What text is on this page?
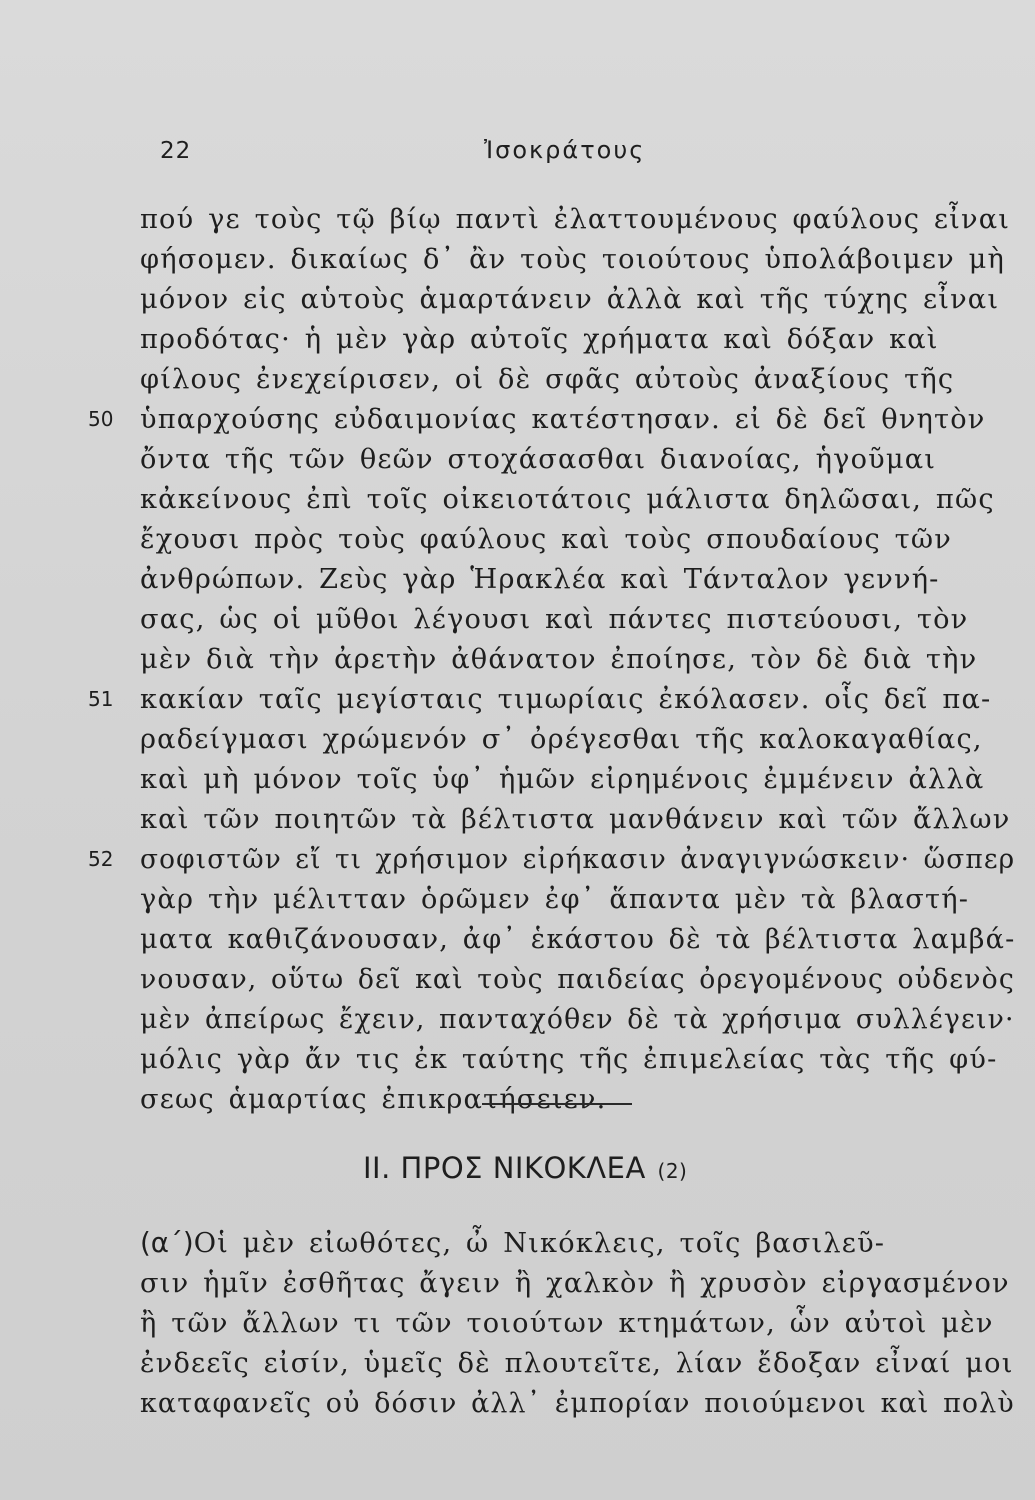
22	Ἰσοκράτους
πού γε τοὺς τῷ βίῳ παντὶ ἐλαττουμένους φαύλους εἶναι
φήσομεν. δικαίως δ᾿ ἂν τοὺς τοιούτους ὑπολάβοιμεν μὴ
μόνον εἰς αὑτοὺς ἁμαρτάνειν ἀλλὰ καὶ τῆς τύχης εἶναι
προδότας· ἡ μὲν γὰρ αὐτοῖς χρήματα καὶ δόξαν καὶ
φίλους ἐνεχείρισεν, οἱ δὲ σφᾶς αὐτοὺς ἀναξίους τῆς
50 ὑπαρχούσης εὐδαιμονίας κατέστησαν. εἰ δὲ δεῖ θνητὸν
ὄντα τῆς τῶν θεῶν στοχάσασθαι διανοίας, ἡγοῦμαι
κἀκείνους ἐπὶ τοῖς οἰκειοτάτοις μάλιστα δηλῶσαι, πῶς
ἔχουσι πρὸς τοὺς φαύλους καὶ τοὺς σπουδαίους τῶν
ἀνθρώπων. Ζεὺς γὰρ Ἡρακλέα καὶ Τάνταλον γεννή-
σας, ὡς οἱ μῦθοι λέγουσι καὶ πάντες πιστεύουσι, τὸν
μὲν διὰ τὴν ἀρετὴν ἀθάνατον ἐποίησε, τὸν δὲ διὰ τὴν
51 κακίαν ταῖς μεγίσταις τιμωρίαις ἐκόλασεν. οἷς δεῖ πα-
ραδείγμασι χρώμενόν σ᾿ ὀρέγεσθαι τῆς καλοκαγαθίας,
καὶ μὴ μόνον τοῖς ὑφ᾿ ἡμῶν εἰρημένοις ἐμμένειν ἀλλὰ
καὶ τῶν ποιητῶν τὰ βέλτιστα μανθάνειν καὶ τῶν ἄλλων
52 σοφιστῶν εἴ τι χρήσιμον εἰρήκασιν ἀναγιγνώσκειν· ὥσπερ
γὰρ τὴν μέλιτταν ὁρῶμεν ἐφ᾿ ἅπαντα μὲν τὰ βλαστή-
ματα καθιζάνουσαν, ἀφ᾿ ἑκάστου δὲ τὰ βέλτιστα λαμβά-
νουσαν, οὕτω δεῖ καὶ τοὺς παιδείας ὀρεγομένους οὐδενὸς
μὲν ἀπείρως ἔχειν, πανταχόθεν δὲ τὰ χρήσιμα συλλέγειν·
μόλις γὰρ ἄν τις ἐκ ταύτης τῆς ἐπιμελείας τὰς τῆς φύ-
σεως ἁμαρτίας ἐπικρατήσειεν.
II. ΠΡΟΣ ΝΙΚΟΚΛΕΑ (2)
(α΄)Οἱ μὲν εἰωθότες, ὦ Νικόκλεις, τοῖς βασιλεῦ-
σιν ἡμῖν ἐσθῆτας ἄγειν ἢ χαλκὸν ἢ χρυσὸν εἰργασμένον
ἢ τῶν ἄλλων τι τῶν τοιούτων κτημάτων, ὧν αὐτοὶ μὲν
ἐνδεεῖς εἰσίν, ὑμεῖς δὲ πλουτεῖτε, λίαν ἔδοξαν εἶναί μοι
καταφανεῖς οὐ δόσιν ἀλλ᾿ ἐμπορίαν ποιούμενοι καὶ πολὺ
